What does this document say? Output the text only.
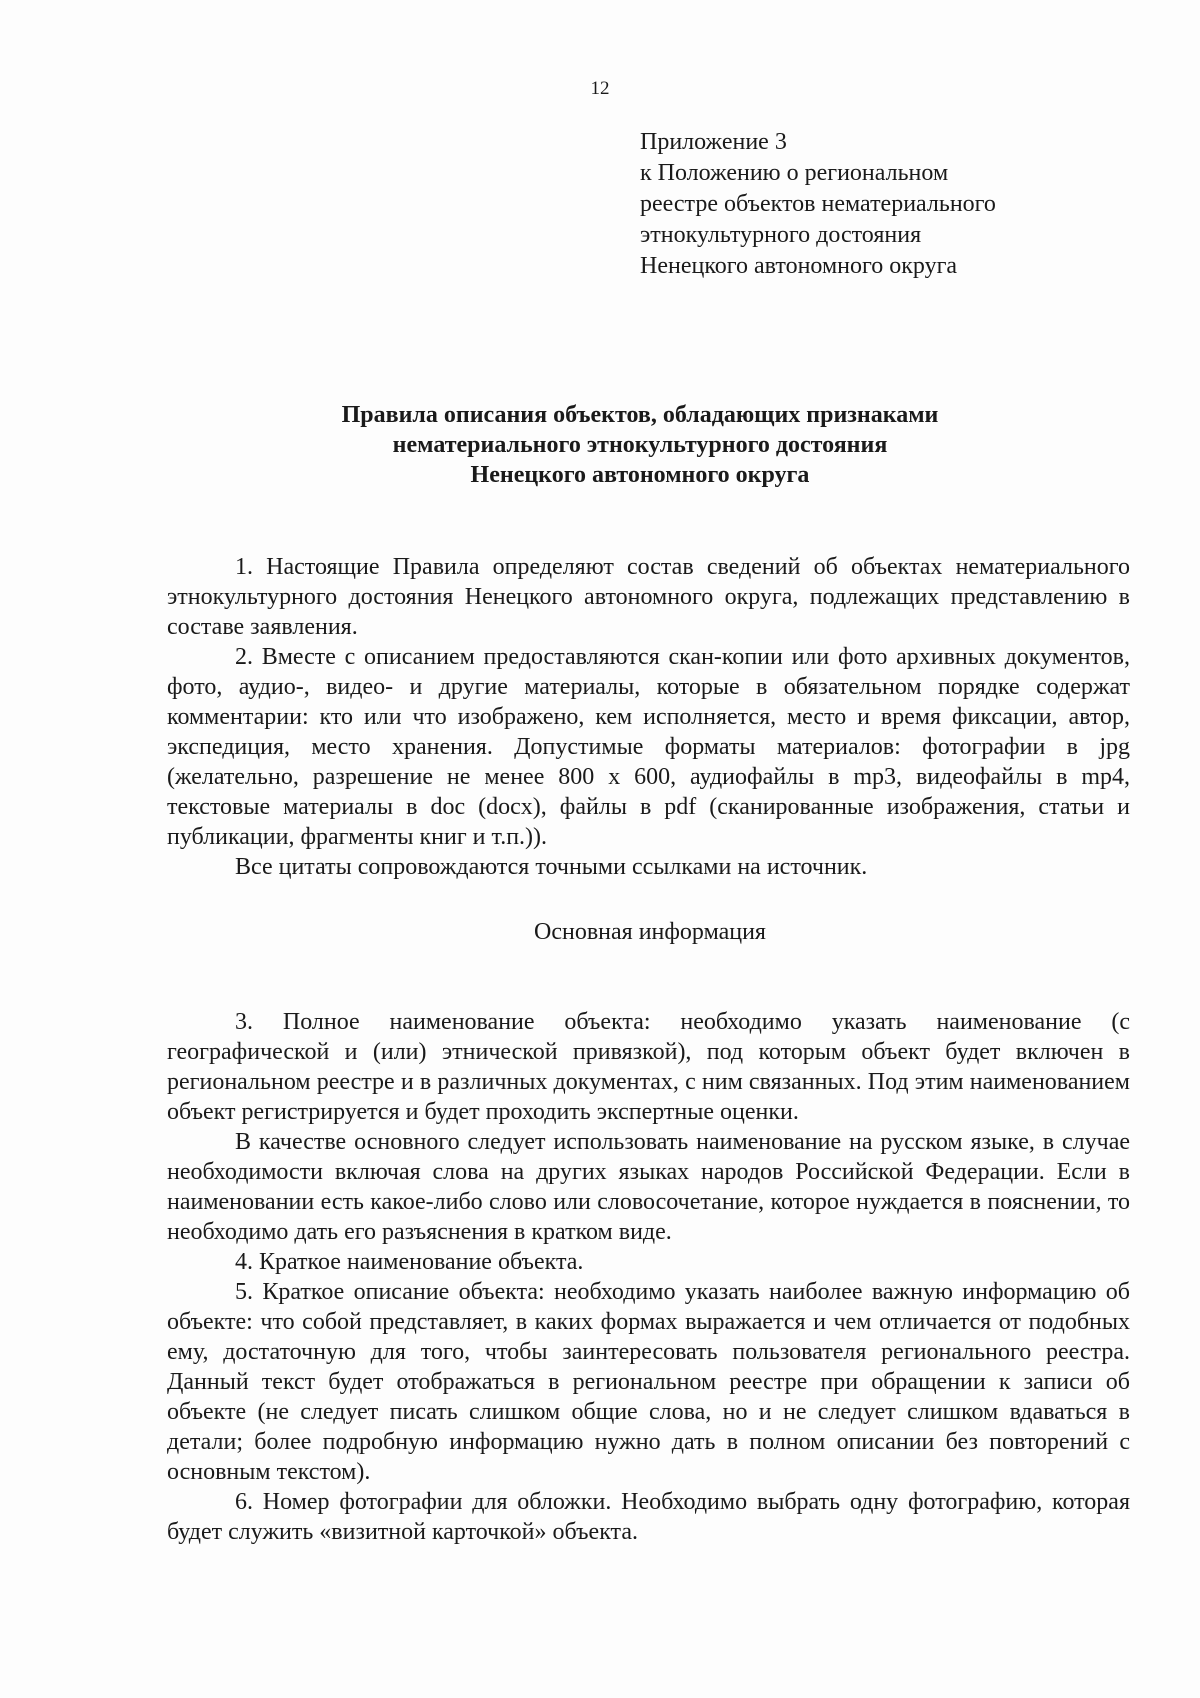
12
Приложение 3
к Положению о региональном
реестре объектов нематериального
этнокультурного достояния
Ненецкого автономного округа
Правила описания объектов, обладающих признаками
нематериального этнокультурного достояния
Ненецкого автономного округа

1. Настоящие Правила определяют состав сведений об объектах нематериального этнокультурного достояния Ненецкого автономного округа, подлежащих представлению в составе заявления.

2. Вместе с описанием предоставляются скан-копии или фото архивных документов, фото, аудио-, видео- и другие материалы, которые в обязательном порядке содержат комментарии: кто или что изображено, кем исполняется, место и время фиксации, автор, экспедиция, место хранения. Допустимые форматы материалов: фотографии в jpg (желательно, разрешение не менее 800 x 600, аудиофайлы в mp3, видеофайлы в mp4, текстовые материалы в doc (docx), файлы в pdf (сканированные изображения, статьи и публикации, фрагменты книг и т.п.)).

Все цитаты сопровождаются точными ссылками на источник.

Основная информация

3. Полное наименование объекта: необходимо указать наименование (с географической и (или) этнической привязкой), под которым объект будет включен в региональном реестре и в различных документах, с ним связанных. Под этим наименованием объект регистрируется и будет проходить экспертные оценки.

В качестве основного следует использовать наименование на русском языке, в случае необходимости включая слова на других языках народов Российской Федерации. Если в наименовании есть какое-либо слово или словосочетание, которое нуждается в пояснении, то необходимо дать его разъяснения в кратком виде.

4. Краткое наименование объекта.

5. Краткое описание объекта: необходимо указать наиболее важную информацию об объекте: что собой представляет, в каких формах выражается и чем отличается от подобных ему, достаточную для того, чтобы заинтересовать пользователя регионального реестра. Данный текст будет отображаться в региональном реестре при обращении к записи об объекте (не следует писать слишком общие слова, но и не следует слишком вдаваться в детали; более подробную информацию нужно дать в полном описании без повторений с основным текстом).

6. Номер фотографии для обложки. Необходимо выбрать одну фотографию, которая будет служить «визитной карточкой» объекта.
